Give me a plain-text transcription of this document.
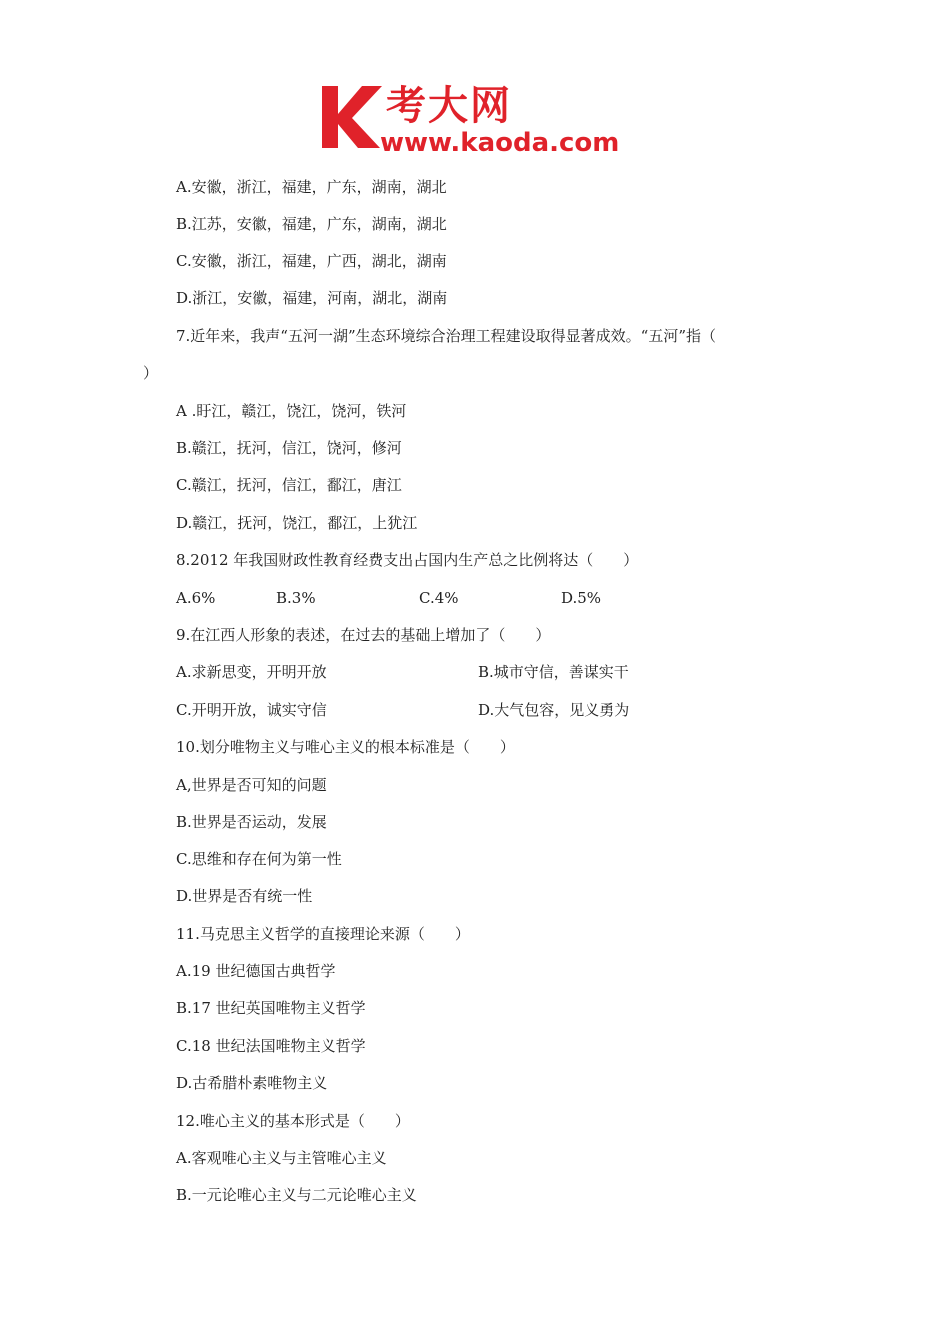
考大网
www.kaoda.com
A.安徽，浙江，福建，广东，湖南，湖北
B.江苏，安徽，福建，广东，湖南，湖北
C.安徽，浙江，福建，广西，湖北，湖南
D.浙江，安徽，福建，河南，湖北，湖南
7.近年来，我声“五河一湖”生态环境综合治理工程建设取得显著成效。“五河”指（
）
A .盱江，赣江，饶江，饶河，铁河
B.赣江，抚河，信江，饶河，修河
C.赣江，抚河，信江，鄱江，唐江
D.赣江，抚河，饶江，鄱江，上犹江
8.2012 年我国财政性教育经费支出占国内生产总之比例将达（　　）
A.6%	B.3%	C.4%	D.5%
9.在江西人形象的表述，在过去的基础上增加了（　　）
A.求新思变，开明开放	B.城市守信，善谋实干
C.开明开放，诚实守信	D.大气包容，见义勇为
10.划分唯物主义与唯心主义的根本标准是（　　）
A,世界是否可知的问题
B.世界是否运动，发展
C.思维和存在何为第一性
D.世界是否有统一性
11.马克思主义哲学的直接理论来源（　　）
A.19 世纪德国古典哲学
B.17 世纪英国唯物主义哲学
C.18 世纪法国唯物主义哲学
D.古希腊朴素唯物主义
12.唯心主义的基本形式是（　　）
A.客观唯心主义与主管唯心主义
B.一元论唯心主义与二元论唯心主义
